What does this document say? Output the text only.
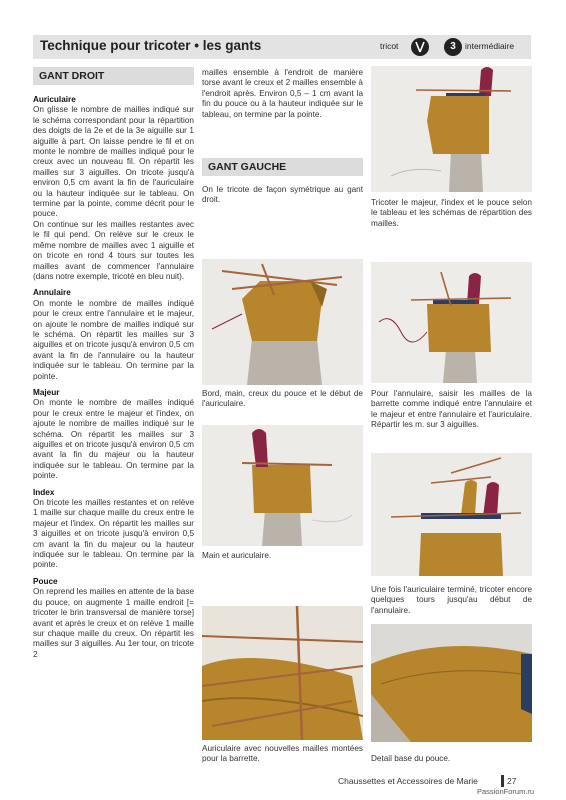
Technique pour tricoter • les gants	tricot	3	intermédiaire
GANT DROIT

Auriculaire

On glisse le nombre de mailles indiqué sur le schéma correspondant pour la répartition des doigts de la 2e et de la 3e aiguille sur 1 aiguille à part. On laisse pendre le fil et on monte le nombre de mailles indiqué pour le creux avec un nouveau fil. On répartit les mailles sur 3 aiguilles. On tricote jusqu'à environ 0,5 cm avant la fin de l'auriculaire ou la hauteur indiquée sur le tableau. On termine par la pointe, comme décrit pour le pouce.

On continue sur les mailles restantes avec le fil qui pend. On relève sur le creux le même nombre de mailles avec 1 aiguille et on tricote en rond 4 tours sur toutes les mailles avant de commencer l'annulaire (dans notre exemple, tricoté en bleu nuit).

Annulaire

On monte le nombre de mailles indiqué pour le creux entre l'annulaire et le majeur, on ajoute le nombre de mailles indiqué sur le schéma. On répartit les mailles sur 3 aiguilles et on tricote jusqu'à environ 0,5 cm avant la fin de l'annulaire ou la hauteur indiquée sur le tableau. On termine par la pointe.

Majeur

On monte le nombre de mailles indiqué pour le creux entre le majeur et l'index, on ajoute le nombre de mailles indiqué sur le schéma. On répartit les mailles sur 3 aiguilles et on tricote jusqu'à environ 0,5 cm avant la fin du majeur ou la hauteur indiquée sur le tableau. On termine par la pointe.

Index

On tricote les mailles restantes et on relève 1 maille sur chaque maille du creux entre le majeur et l'index. On répartit les mailles sur 3 aiguilles et on tricote jusqu'à environ 0,5 cm avant la fin du majeur ou la hauteur indiquée sur le tableau. On termine par la pointe.

Pouce

On reprend les mailles en attente de la base du pouce, on augmente 1 maille endroit [= tricoter le brin transversal de manière torse] avant et après le creux et on relève 1 maille sur chaque maille du creux. On répartit les mailles sur 3 aiguilles. Au 1er tour, on tricote 2

mailles ensemble à l'endroit de manière torse avant le creux et 2 mailles ensemble à l'endroit après. Environ 0,5 – 1 cm avant la fin du pouce ou à la hauteur indiquée sur le tableau, on termine par la pointe.
GANT GAUCHE
On le tricote de façon symétrique au gant droit.
Bord, main, creux du pouce et le début de l'auriculaire.
Main et auriculaire.
Auriculaire avec nouvelles mailles montées pour la barrette.
Tricoter le majeur, l'index et le pouce selon le tableau et les schémas de répartition des mailles.
Pour l'annulaire, saisir les mailles de la barrette comme indiqué entre l'annulaire et le majeur et entre l'annulaire et l'auriculaire. Répartir les m. sur 3 aiguilles.
Une fois l'auriculaire terminé, tricoter encore quelques tours jusqu'au début de l'annulaire.
Detail base du pouce.
Chaussettes et Accessoires de Marie	27
PassionForum.ru
